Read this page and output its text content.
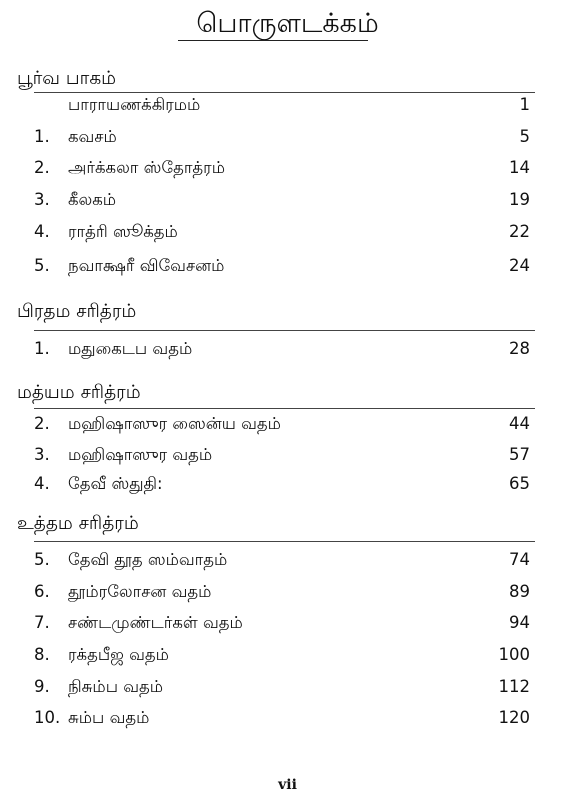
பொருளடக்கம்
பூர்வ பாகம்
பாராயணக்கிரமம்	1
1.	கவசம்	5
2.	அர்க்கலா ஸ்தோத்ரம்	14
3.	கீலகம்	19
4.	ராத்ரி ஸூக்தம்	22
5.	நவாக்ஷரீ விவேசனம்	24
பிரதம சரித்ரம்
1.	மதுகைடப வதம்	28
மத்யம சரித்ரம்
2.	மஹிஷாஸுர ஸைன்ய வதம்	44
3.	மஹிஷாஸுர வதம்	57
4.	தேவீ ஸ்துதி:	65
உத்தம சரித்ரம்
5.	தேவி தூத ஸம்வாதம்	74
6.	தூம்ரலோசன வதம்	89
7.	சண்டமுண்டர்கள் வதம்	94
8.	ரக்தபீஜ வதம்	100
9.	நிசும்ப வதம்	112
10. சும்ப வதம்	120
vii
